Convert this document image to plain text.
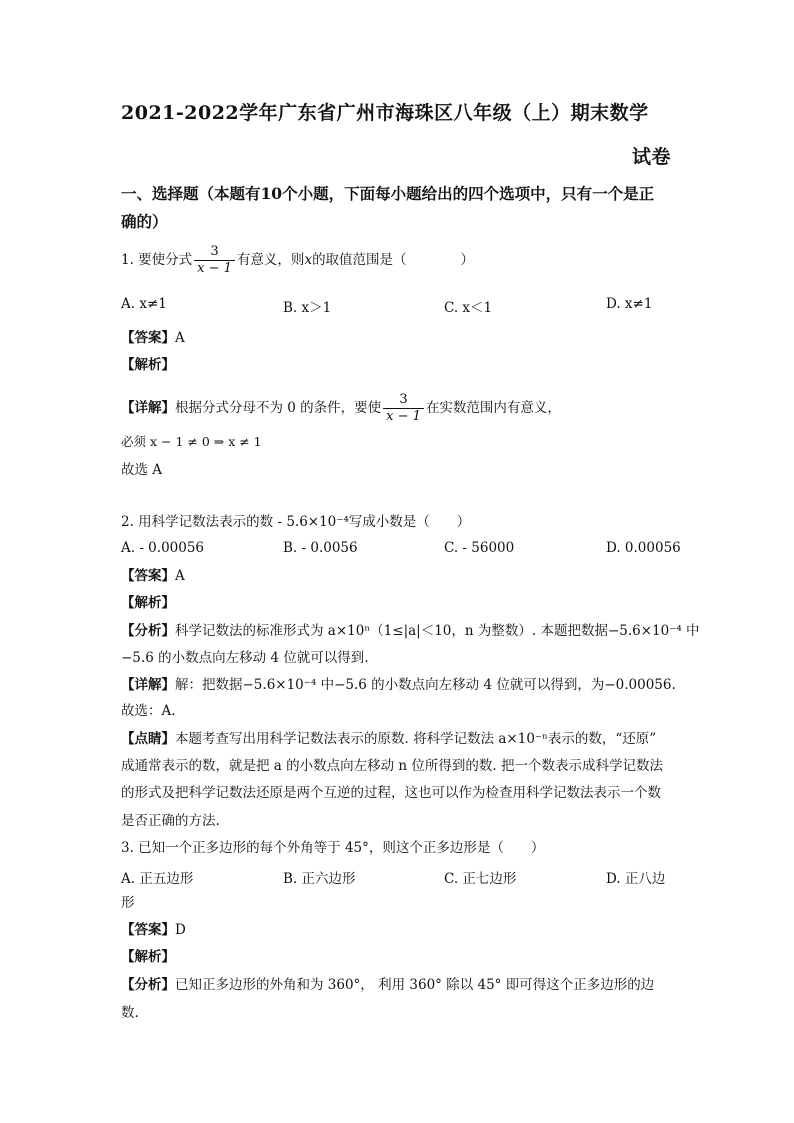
2021-2022学年广东省广州市海珠区八年级（上）期末数学
试卷
一、选择题（本题有10个小题，下面每小题给出的四个选项中，只有一个是正
确的）
1. 要使分式 $\frac{3}{x - 1}$ 有意义，则x的取值范围是（　　　　）
A. x≠1	B. x＞1	C. x＜1	D. x≠1
【答案】A
【解析】
【详解】根据分式分母不为 0 的条件，要使 $\frac{3}{x - 1}$ 在实数范围内有意义，
必须 x − 1 ≠ 0 ⇒ x ≠ 1
故选 A
2. 用科学记数法表示的数 - 5.6×10⁻⁴写成小数是（　　）
A. - 0.00056	B. - 0.0056	C. - 56000	D. 0.00056
【答案】A
【解析】
【分析】科学记数法的标准形式为 a×10ⁿ（1≤|a|＜10，n 为整数）. 本题把数据−5.6×10⁻⁴ 中
−5.6 的小数点向左移动 4 位就可以得到.
【详解】解：把数据−5.6×10⁻⁴ 中−5.6 的小数点向左移动 4 位就可以得到，为−0.00056.
故选：A.
【点睛】本题考查写出用科学记数法表示的原数. 将科学记数法 a×10⁻ⁿ表示的数，“还原”
成通常表示的数，就是把 a 的小数点向左移动 n 位所得到的数. 把一个数表示成科学记数法
的形式及把科学记数法还原是两个互逆的过程，这也可以作为检查用科学记数法表示一个数
是否正确的方法.
3. 已知一个正多边形的每个外角等于 45°，则这个正多边形是（　　）
A. 正五边形	B. 正六边形	C. 正七边形	D. 正八边
形
【答案】D
【解析】
【分析】已知正多边形的外角和为 360°， 利用 360° 除以 45° 即可得这个正多边形的边
数.
